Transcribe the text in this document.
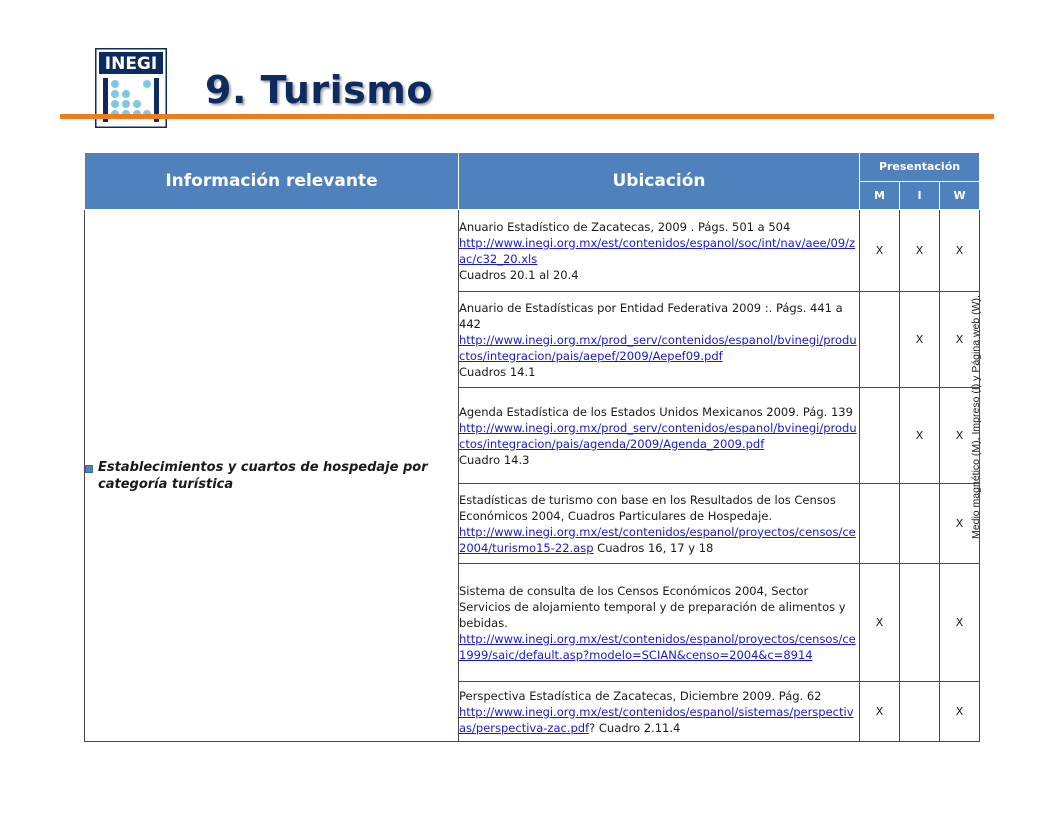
INEGI
9. Turismo
Información relevante	Ubicación	Presentación		
		M	I	W

Establecimientos y cuartos de hospedaje por categoría turística	Anuario Estadístico de Zacatecas, 2009 . Págs. 501 a 504
http://www.inegi.org.mx/est/contenidos/espanol/soc/int/nav/aee/09/zac/c32_20.xls
Cuadros 20.1 al 20.4	X	X	X
	Anuario de Estadísticas por Entidad Federativa 2009 :. Págs. 441 a 442
http://www.inegi.org.mx/prod_serv/contenidos/espanol/bvinegi/productos/integracion/pais/aepef/2009/Aepef09.pdf
Cuadros 14.1		X	X
	Agenda Estadística de los Estados Unidos Mexicanos 2009. Pág. 139
http://www.inegi.org.mx/prod_serv/contenidos/espanol/bvinegi/productos/integracion/pais/agenda/2009/Agenda_2009.pdf
Cuadro 14.3		X	X
	Estadísticas de turismo con base en los Resultados de los Censos Económicos 2004, Cuadros Particulares de Hospedaje.
http://www.inegi.org.mx/est/contenidos/espanol/proyectos/censos/ce2004/turismo15-22.asp Cuadros 16, 17 y 18			X
	Sistema de consulta de los Censos Económicos 2004, Sector Servicios de alojamiento temporal y de preparación de alimentos y bebidas.
http://www.inegi.org.mx/est/contenidos/espanol/proyectos/censos/ce1999/saic/default.asp?modelo=SCIAN&censo=2004&c=8914	X		X
	Perspectiva Estadística de Zacatecas, Diciembre 2009. Pág. 62
http://www.inegi.org.mx/est/contenidos/espanol/sistemas/perspectivas/perspectiva-zac.pdf? Cuadro 2.11.4	X		X
Medio magnético (M), Impreso (I) y Página web (W).
